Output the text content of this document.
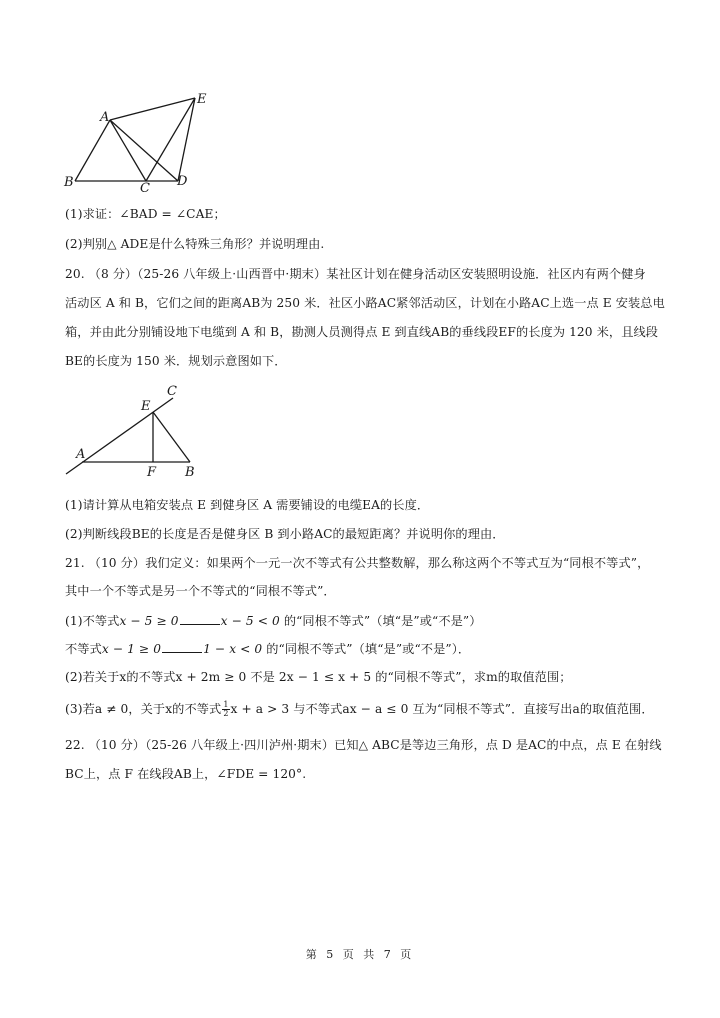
A
B	C D
E
(1)求证：∠BAD = ∠CAE；
(2)判别△ ADE是什么特殊三角形？并说明理由.
20. （8 分）（25-26 八年级上·山西晋中·期末）某社区计划在健身活动区安装照明设施．社区内有两个健身
活动区 A 和 B，它们之间的距离AB为 250 米．社区小路AC紧邻活动区，计划在小路AC上选一点 E 安装总电
箱，并由此分别铺设地下电缆到 A 和 B，勘测人员测得点 E 到直线AB的垂线段EF的长度为 120 米，且线段
BE的长度为 150 米．规划示意图如下．
A
B
C
E
F
(1)请计算从电箱安装点 E 到健身区 A 需要铺设的电缆EA的长度．
(2)判断线段BE的长度是否是健身区 B 到小路AC的最短距离？并说明你的理由．
21. （10 分）我们定义：如果两个一元一次不等式有公共整数解，那么称这两个不等式互为“同根不等式”，
其中一个不等式是另一个不等式的“同根不等式”．
(1)不等式x − 5 ≥ 0	x − 5 < 0 的“同根不等式”（填“是”或“不是”）
不等式x − 1 ≥ 0	1 − x < 0 的“同根不等式”（填“是”或“不是”）．
(2)若关于x的不等式x + 2m ≥ 0 不是 2x − 1 ≤ x + 5 的“同根不等式”，求m的取值范围；
(3)若a ≠ 0，关于x的不等式 $\frac{1}{2}$ x + a > 3 与不等式ax − a ≤ 0 互为“同根不等式”．直接写出a的取值范围．
22. （10 分）（25-26 八年级上·四川泸州·期末）已知△ ABC是等边三角形，点 D 是AC的中点，点 E 在射线
BC上，点 F 在线段AB上，∠FDE = 120°.
第 5 页 共 7 页
